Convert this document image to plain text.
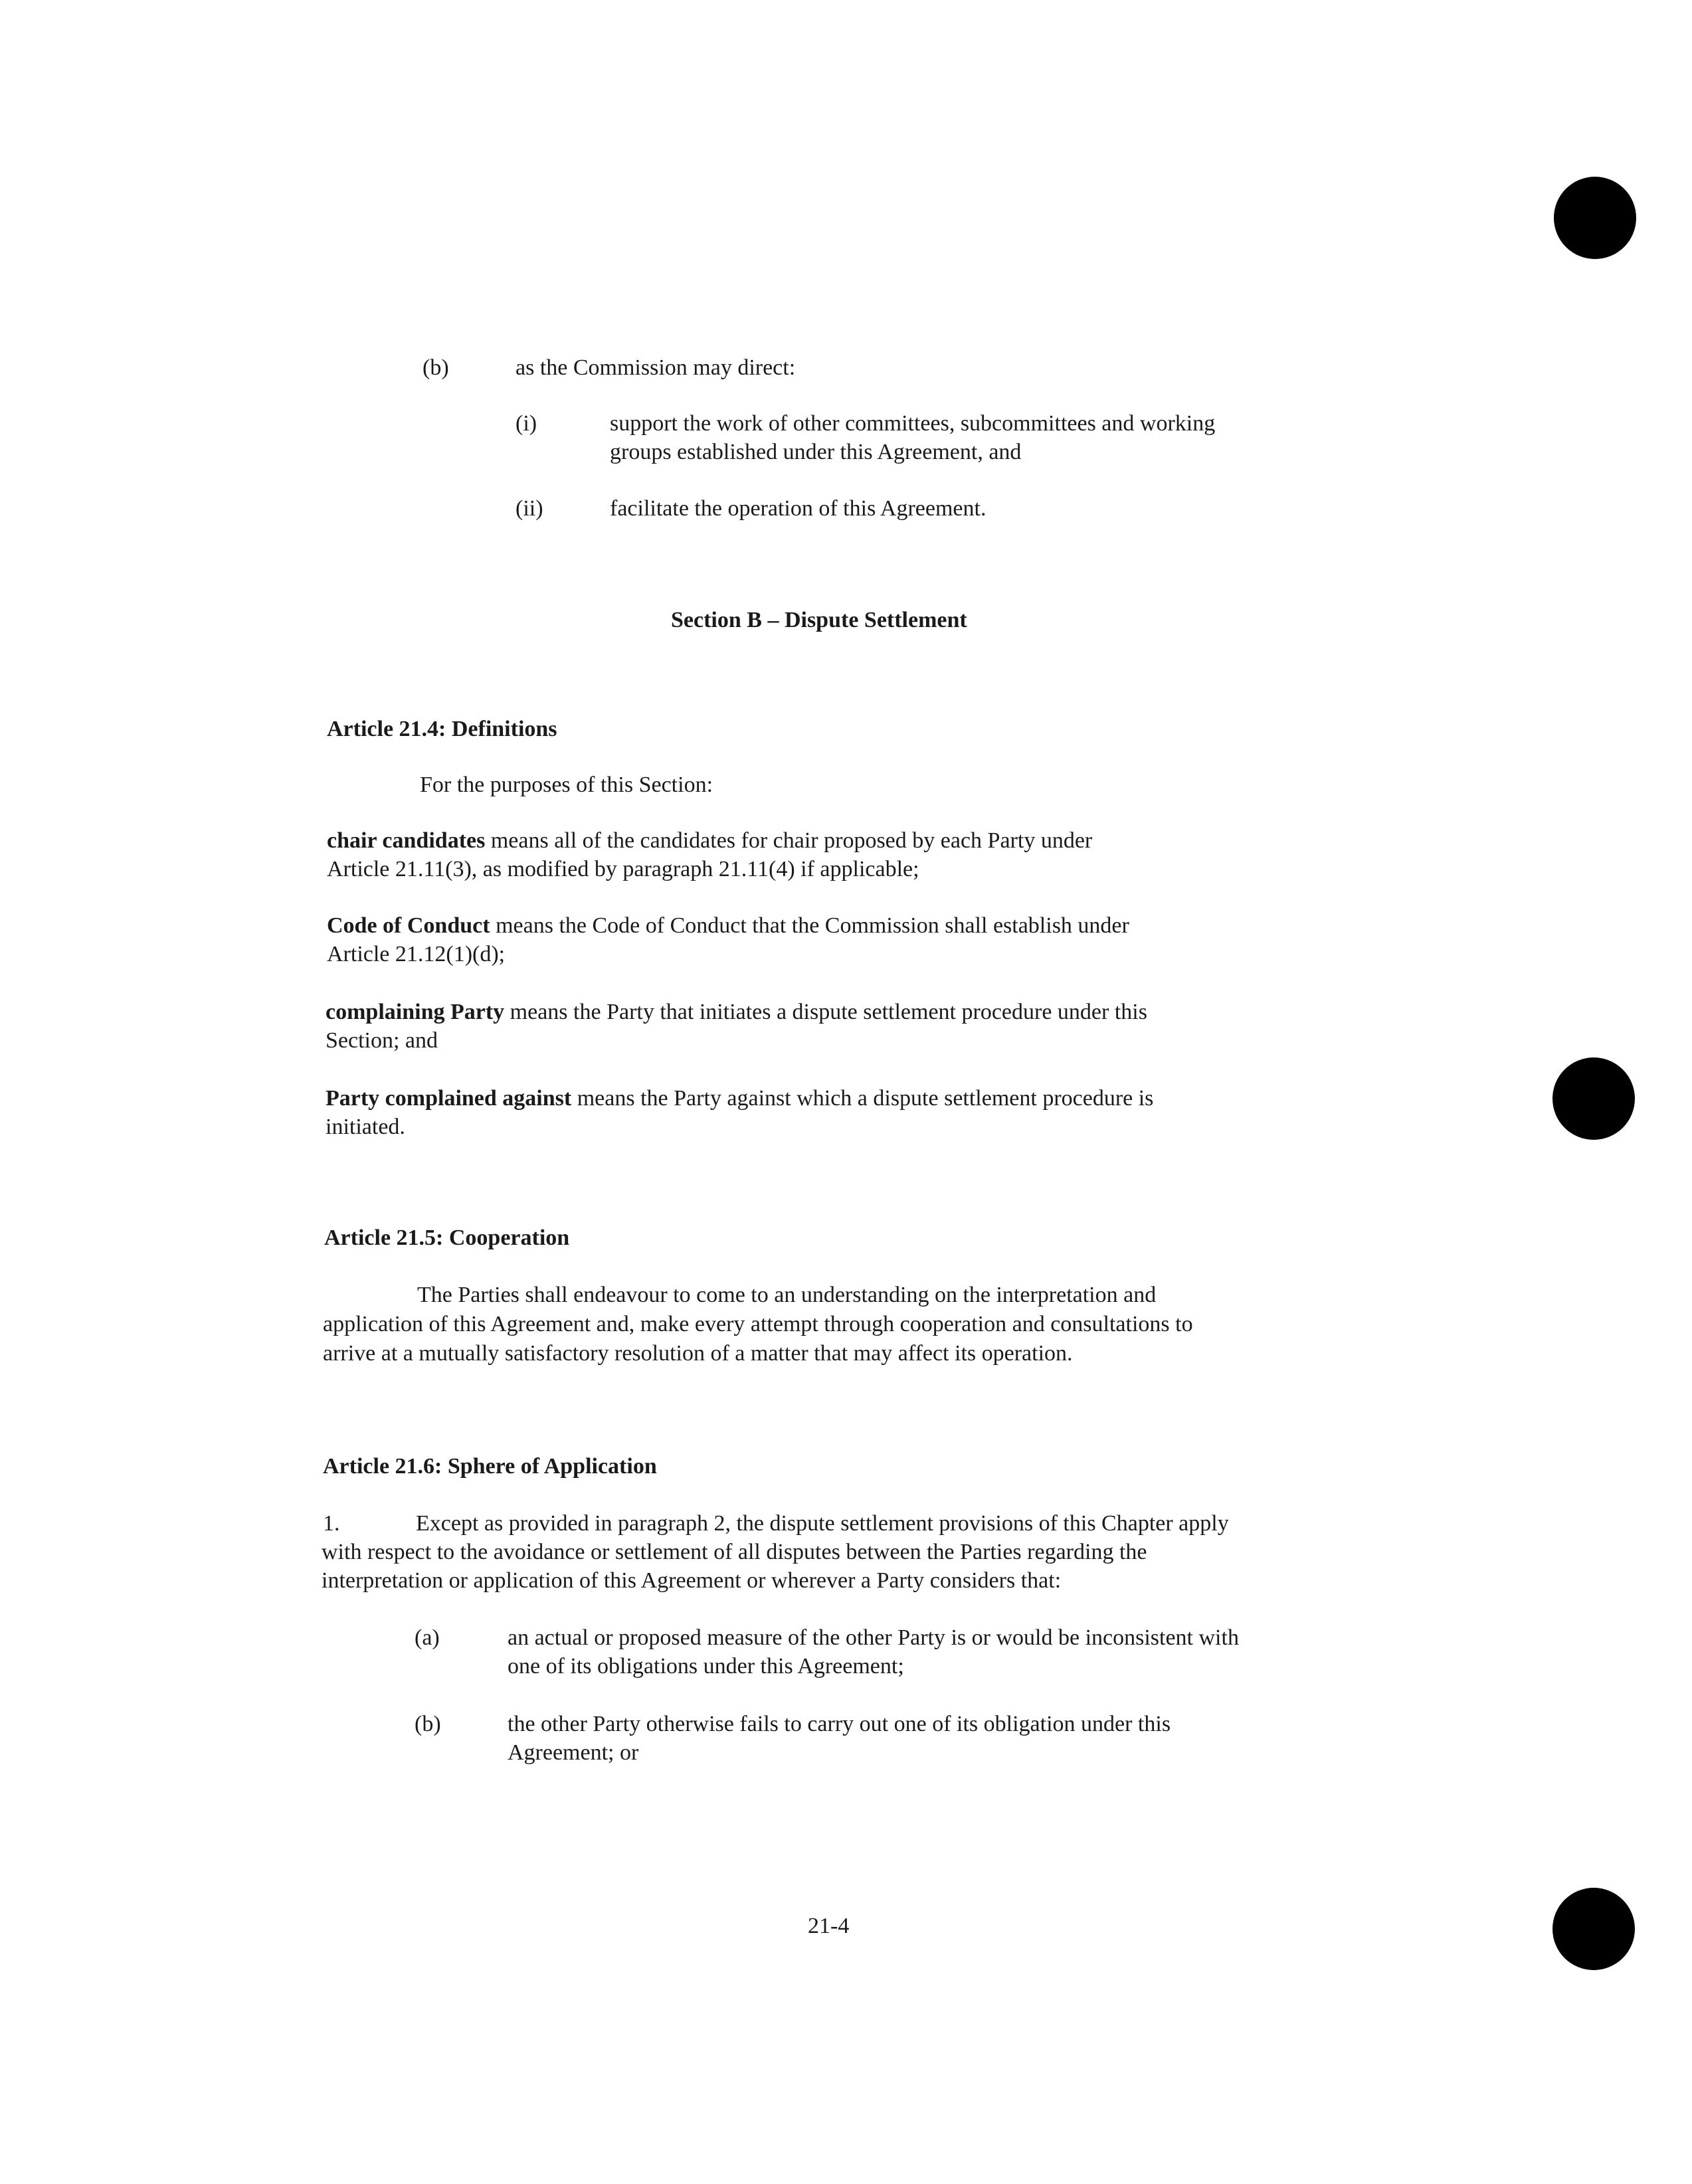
(b)	as the Commission may direct:
(i)	support the work of other committees, subcommittees and working
groups established under this Agreement, and
(ii)	facilitate the operation of this Agreement.
Section B – Dispute Settlement
Article 21.4: Definitions
For the purposes of this Section:
chair candidates means all of the candidates for chair proposed by each Party under
Article 21.11(3), as modified by paragraph 21.11(4) if applicable;
Code of Conduct means the Code of Conduct that the Commission shall establish under
Article 21.12(1)(d);
complaining Party means the Party that initiates a dispute settlement procedure under this
Section; and
Party complained against means the Party against which a dispute settlement procedure is
initiated.
Article 21.5: Cooperation
The Parties shall endeavour to come to an understanding on the interpretation and
application of this Agreement and, make every attempt through cooperation and consultations to
arrive at a mutually satisfactory resolution of a matter that may affect its operation.
Article 21.6: Sphere of Application
1.	Except as provided in paragraph 2, the dispute settlement provisions of this Chapter apply
with respect to the avoidance or settlement of all disputes between the Parties regarding the
interpretation or application of this Agreement or wherever a Party considers that:
(a)	an actual or proposed measure of the other Party is or would be inconsistent with
one of its obligations under this Agreement;
(b)	the other Party otherwise fails to carry out one of its obligation under this
Agreement; or
21-4
